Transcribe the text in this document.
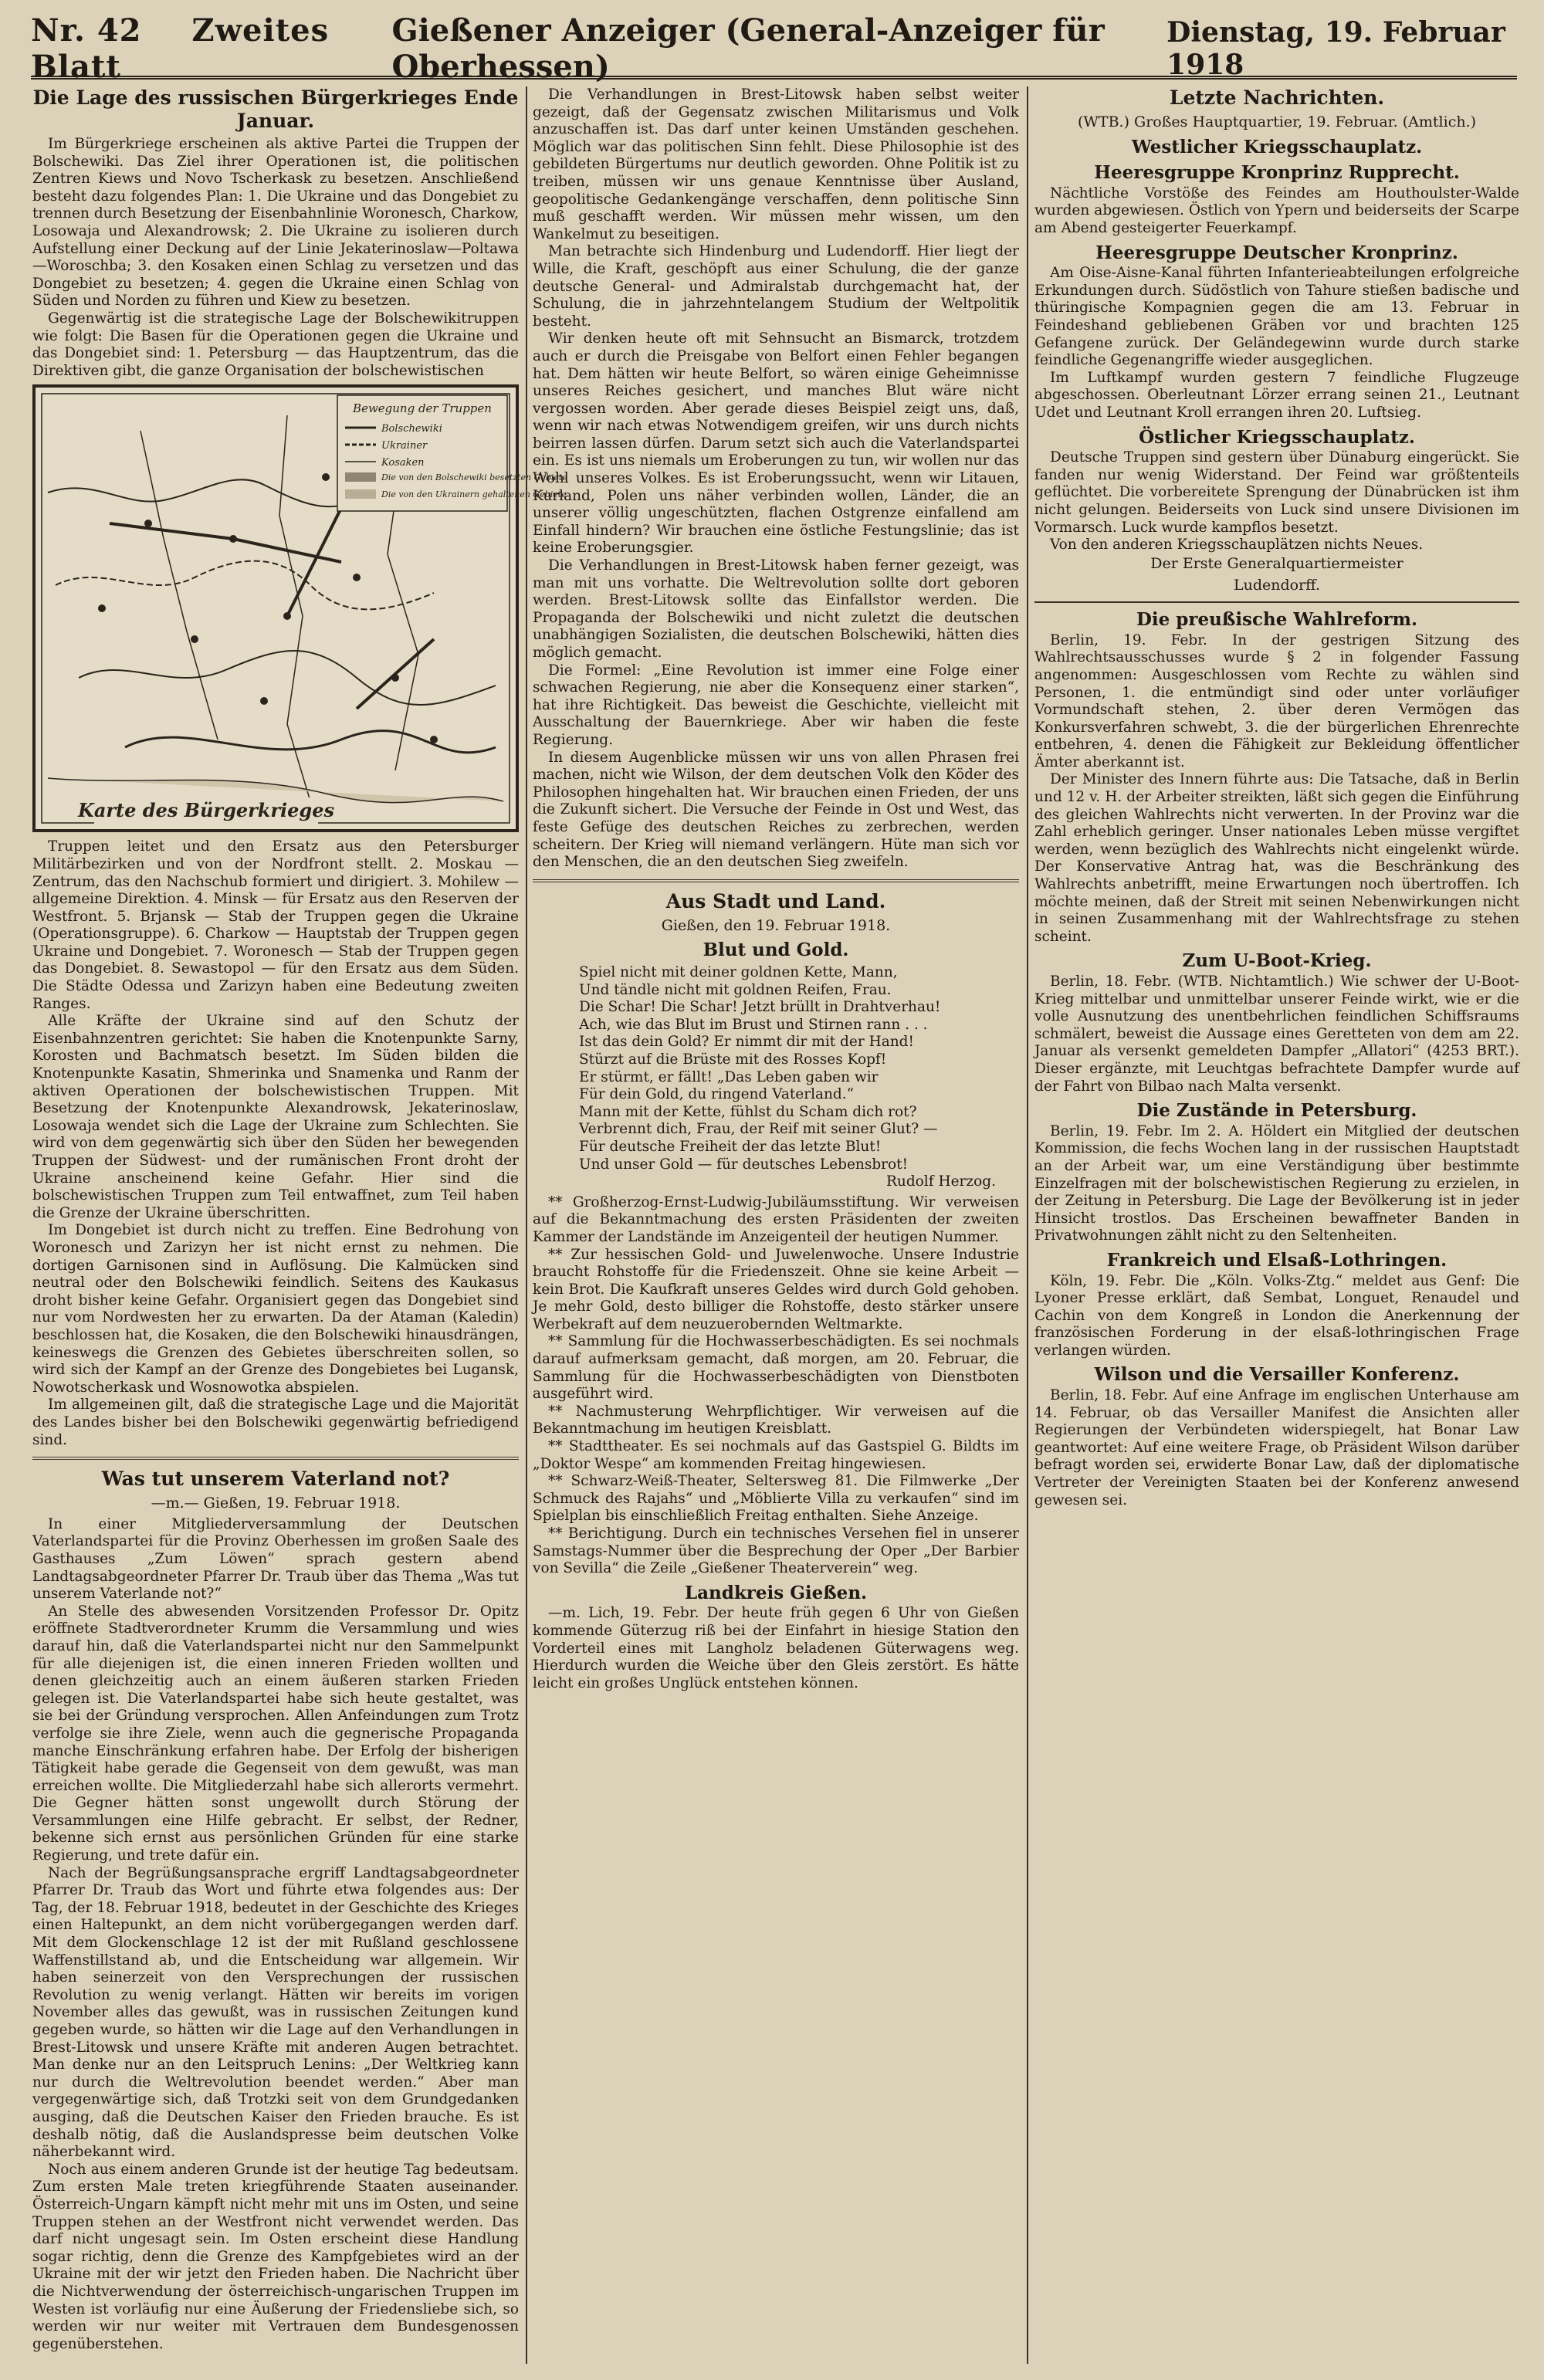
Nr. 42 Zweites Blatt
Gießener Anzeiger (General-Anzeiger für Oberhessen)
Dienstag, 19. Februar 1918
Die Lage des russischen Bürgerkrieges Ende Januar.

Im Bürgerkriege erscheinen als aktive Partei die Truppen der Bolschewiki. Das Ziel ihrer Operationen ist, die politischen Zentren Kiews und Novo Tscherkask zu besetzen. Anschließend besteht dazu folgendes Plan: 1. Die Ukraine und das Dongebiet zu trennen durch Besetzung der Eisenbahnlinie Woronesch, Charkow, Losowaja und Alexandrowsk; 2. Die Ukraine zu isolieren durch Aufstellung einer Deckung auf der Linie Jekaterinoslaw—Poltawa—Woroschba; 3. den Kosaken einen Schlag zu versetzen und das Dongebiet zu besetzen; 4. gegen die Ukraine einen Schlag von Süden und Norden zu führen und Kiew zu besetzen.

Gegenwärtig ist die strategische Lage der Bolschewikitruppen wie folgt: Die Basen für die Operationen gegen die Ukraine und das Dongebiet sind: 1. Petersburg — das Hauptzentrum, das die Direktiven gibt, die ganze Organisation der bolschewistischen

Bewegung der Truppen
Bolschewiki
Ukrainer
Kosaken
Die von den Bolschewiki besetzten Gebiete
Die von den Ukrainern gehaltenen Gebiete
Karte des Bürgerkrieges

Truppen leitet und den Ersatz aus den Petersburger Militärbezirken und von der Nordfront stellt. 2. Moskau — Zentrum, das den Nachschub formiert und dirigiert. 3. Mohilew — allgemeine Direktion. 4. Minsk — für Ersatz aus den Reserven der Westfront. 5. Brjansk — Stab der Truppen gegen die Ukraine (Operationsgruppe). 6. Charkow — Hauptstab der Truppen gegen Ukraine und Dongebiet. 7. Woronesch — Stab der Truppen gegen das Dongebiet. 8. Sewastopol — für den Ersatz aus dem Süden. Die Städte Odessa und Zarizyn haben eine Bedeutung zweiten Ranges.

Alle Kräfte der Ukraine sind auf den Schutz der Eisenbahnzentren gerichtet: Sie haben die Knotenpunkte Sarny, Korosten und Bachmatsch besetzt. Im Süden bilden die Knotenpunkte Kasatin, Shmerinka und Snamenka und Ranm der aktiven Operationen der bolschewistischen Truppen. Mit Besetzung der Knotenpunkte Alexandrowsk, Jekaterinoslaw, Losowaja wendet sich die Lage der Ukraine zum Schlechten. Sie wird von dem gegenwärtig sich über den Süden her bewegenden Truppen der Südwest- und der rumänischen Front droht der Ukraine anscheinend keine Gefahr. Hier sind die bolschewistischen Truppen zum Teil entwaffnet, zum Teil haben die Grenze der Ukraine überschritten.

Im Dongebiet ist durch nicht zu treffen. Eine Bedrohung von Woronesch und Zarizyn her ist nicht ernst zu nehmen. Die dortigen Garnisonen sind in Auflösung. Die Kalmücken sind neutral oder den Bolschewiki feindlich. Seitens des Kaukasus droht bisher keine Gefahr. Organisiert gegen das Dongebiet sind nur vom Nordwesten her zu erwarten. Da der Ataman (Kaledin) beschlossen hat, die Kosaken, die den Bolschewiki hinausdrängen, keineswegs die Grenzen des Gebietes überschreiten sollen, so wird sich der Kampf an der Grenze des Dongebietes bei Lugansk, Nowotscherkask und Wosnowotka abspielen.

Im allgemeinen gilt, daß die strategische Lage und die Majorität des Landes bisher bei den Bolschewiki gegenwärtig befriedigend sind.

Was tut unserem Vaterland not?
—m.— Gießen, 19. Februar 1918.

In einer Mitgliederversammlung der Deutschen Vaterlandspartei für die Provinz Oberhessen im großen Saale des Gasthauses „Zum Löwen“ sprach gestern abend Landtagsabgeordneter Pfarrer Dr. Traub über das Thema „Was tut unserem Vaterlande not?“

An Stelle des abwesenden Vorsitzenden Professor Dr. Opitz eröffnete Stadtverordneter Krumm die Versammlung und wies darauf hin, daß die Vaterlandspartei nicht nur den Sammelpunkt für alle diejenigen ist, die einen inneren Frieden wollten und denen gleichzeitig auch an einem äußeren starken Frieden gelegen ist. Die Vaterlandspartei habe sich heute gestaltet, was sie bei der Gründung versprochen. Allen Anfeindungen zum Trotz verfolge sie ihre Ziele, wenn auch die gegnerische Propaganda manche Einschränkung erfahren habe. Der Erfolg der bisherigen Tätigkeit habe gerade die Gegenseit von dem gewußt, was man erreichen wollte. Die Mitgliederzahl habe sich allerorts vermehrt. Die Gegner hätten sonst ungewollt durch Störung der Versammlungen eine Hilfe gebracht. Er selbst, der Redner, bekenne sich ernst aus persönlichen Gründen für eine starke Regierung, und trete dafür ein.

Nach der Begrüßungsansprache ergriff Landtagsabgeordneter Pfarrer Dr. Traub das Wort und führte etwa folgendes aus: Der Tag, der 18. Februar 1918, bedeutet in der Geschichte des Krieges einen Haltepunkt, an dem nicht vorübergegangen werden darf. Mit dem Glockenschlage 12 ist der mit Rußland geschlossene Waffenstillstand ab, und die Entscheidung war allgemein. Wir haben seinerzeit von den Versprechungen der russischen Revolution zu wenig verlangt. Hätten wir bereits im vorigen November alles das gewußt, was in russischen Zeitungen kund gegeben wurde, so hätten wir die Lage auf den Verhandlungen in Brest-Litowsk und unsere Kräfte mit anderen Augen betrachtet. Man denke nur an den Leitspruch Lenins: „Der Weltkrieg kann nur durch die Weltrevolution beendet werden.“ Aber man vergegenwärtige sich, daß Trotzki seit von dem Grundgedanken ausging, daß die Deutschen Kaiser den Frieden brauche. Es ist deshalb nötig, daß die Auslandspresse beim deutschen Volke näherbekannt wird.

Noch aus einem anderen Grunde ist der heutige Tag bedeutsam. Zum ersten Male treten kriegführende Staaten auseinander. Österreich-Ungarn kämpft nicht mehr mit uns im Osten, und seine Truppen stehen an der Westfront nicht verwendet werden. Das darf nicht ungesagt sein. Im Osten erscheint diese Handlung sogar richtig, denn die Grenze des Kampfgebietes wird an der Ukraine mit der wir jetzt den Frieden haben. Die Nachricht über die Nichtverwendung der österreichisch-ungarischen Truppen im Westen ist vorläufig nur eine Äußerung der Friedensliebe sich, so werden wir nur weiter mit Vertrauen dem Bundesgenossen gegenüberstehen.

Die Verhandlungen in Brest-Litowsk haben selbst weiter gezeigt, daß der Gegensatz zwischen Militarismus und Volk anzuschaffen ist. Das darf unter keinen Umständen geschehen. Möglich war das politischen Sinn fehlt. Diese Philosophie ist des gebildeten Bürgertums nur deutlich geworden. Ohne Politik ist zu treiben, müssen wir uns genaue Kenntnisse über Ausland, geopolitische Gedankengänge verschaffen, denn politische Sinn muß geschafft werden. Wir müssen mehr wissen, um den Wankelmut zu beseitigen.

Man betrachte sich Hindenburg und Ludendorff. Hier liegt der Wille, die Kraft, geschöpft aus einer Schulung, die der ganze deutsche General- und Admiralstab durchgemacht hat, der Schulung, die in jahrzehntelangem Studium der Weltpolitik besteht.

Wir denken heute oft mit Sehnsucht an Bismarck, trotzdem auch er durch die Preisgabe von Belfort einen Fehler begangen hat. Dem hätten wir heute Belfort, so wären einige Geheimnisse unseres Reiches gesichert, und manches Blut wäre nicht vergossen worden. Aber gerade dieses Beispiel zeigt uns, daß, wenn wir nach etwas Notwendigem greifen, wir uns durch nichts beirren lassen dürfen. Darum setzt sich auch die Vaterlandspartei ein. Es ist uns niemals um Eroberungen zu tun, wir wollen nur das Wohl unseres Volkes. Es ist Eroberungssucht, wenn wir Litauen, Kurland, Polen uns näher verbinden wollen, Länder, die an unserer völlig ungeschützten, flachen Ostgrenze einfallend am Einfall hindern? Wir brauchen eine östliche Festungslinie; das ist keine Eroberungsgier.

Die Verhandlungen in Brest-Litowsk haben ferner gezeigt, was man mit uns vorhatte. Die Weltrevolution sollte dort geboren werden. Brest-Litowsk sollte das Einfallstor werden. Die Propaganda der Bolschewiki und nicht zuletzt die deutschen unabhängigen Sozialisten, die deutschen Bolschewiki, hätten dies möglich gemacht.

Die Formel: „Eine Revolution ist immer eine Folge einer schwachen Regierung, nie aber die Konsequenz einer starken“, hat ihre Richtigkeit. Das beweist die Geschichte, vielleicht mit Ausschaltung der Bauernkriege. Aber wir haben die feste Regierung.

In diesem Augenblicke müssen wir uns von allen Phrasen frei machen, nicht wie Wilson, der dem deutschen Volk den Köder des Philosophen hingehalten hat. Wir brauchen einen Frieden, der uns die Zukunft sichert. Die Versuche der Feinde in Ost und West, das feste Gefüge des deutschen Reiches zu zerbrechen, werden scheitern. Der Krieg will niemand verlängern. Hüte man sich vor den Menschen, die an den deutschen Sieg zweifeln.

Aus Stadt und Land.
Gießen, den 19. Februar 1918.
Blut und Gold.
Spiel nicht mit deiner goldnen Kette, Mann,
Und tändle nicht mit goldnen Reifen, Frau.
Die Schar! Die Schar! Jetzt brüllt in Drahtverhau!
Ach, wie das Blut im Brust und Stirnen rann . . .
Ist das dein Gold? Er nimmt dir mit der Hand!
Stürzt auf die Brüste mit des Rosses Kopf!
Er stürmt, er fällt! „Das Leben gaben wir
Für dein Gold, du ringend Vaterland.“
Mann mit der Kette, fühlst du Scham dich rot?
Verbrennt dich, Frau, der Reif mit seiner Glut? —
Für deutsche Freiheit der das letzte Blut!
Und unser Gold — für deutsches Lebensbrot!
Rudolf Herzog.

** Großherzog-Ernst-Ludwig-Jubiläumsstiftung. Wir verweisen auf die Bekanntmachung des ersten Präsidenten der zweiten Kammer der Landstände im Anzeigenteil der heutigen Nummer.

** Zur hessischen Gold- und Juwelenwoche. Unsere Industrie braucht Rohstoffe für die Friedenszeit. Ohne sie keine Arbeit — kein Brot. Die Kaufkraft unseres Geldes wird durch Gold gehoben. Je mehr Gold, desto billiger die Rohstoffe, desto stärker unsere Werbekraft auf dem neuzuerobernden Weltmarkte.

** Sammlung für die Hochwasserbeschädigten. Es sei nochmals darauf aufmerksam gemacht, daß morgen, am 20. Februar, die Sammlung für die Hochwasserbeschädigten von Dienstboten ausgeführt wird.

** Nachmusterung Wehrpflichtiger. Wir verweisen auf die Bekanntmachung im heutigen Kreisblatt.

** Stadttheater. Es sei nochmals auf das Gastspiel G. Bildts im „Doktor Wespe“ am kommenden Freitag hingewiesen.

** Schwarz-Weiß-Theater, Seltersweg 81. Die Filmwerke „Der Schmuck des Rajahs“ und „Möblierte Villa zu verkaufen“ sind im Spielplan bis einschließlich Freitag enthalten. Siehe Anzeige.

** Berichtigung. Durch ein technisches Versehen fiel in unserer Samstags-Nummer über die Besprechung der Oper „Der Barbier von Sevilla“ die Zeile „Gießener Theaterverein“ weg.

Landkreis Gießen.

—m. Lich, 19. Febr. Der heute früh gegen 6 Uhr von Gießen kommende Güterzug riß bei der Einfahrt in hiesige Station den Vorderteil eines mit Langholz beladenen Güterwagens weg. Hierdurch wurden die Weiche über den Gleis zerstört. Es hätte leicht ein großes Unglück entstehen können.

Letzte Nachrichten.
(WTB.) Großes Hauptquartier, 19. Februar. (Amtlich.)
Westlicher Kriegsschauplatz.
Heeresgruppe Kronprinz Rupprecht.

Nächtliche Vorstöße des Feindes am Houthoulster-Walde wurden abgewiesen. Östlich von Ypern und beiderseits der Scarpe am Abend gesteigerter Feuerkampf.

Heeresgruppe Deutscher Kronprinz.

Am Oise-Aisne-Kanal führten Infanterieabteilungen erfolgreiche Erkundungen durch. Südöstlich von Tahure stießen badische und thüringische Kompagnien gegen die am 13. Februar in Feindeshand gebliebenen Gräben vor und brachten 125 Gefangene zurück. Der Geländegewinn wurde durch starke feindliche Gegenangriffe wieder ausgeglichen.

Im Luftkampf wurden gestern 7 feindliche Flugzeuge abgeschossen. Oberleutnant Lörzer errang seinen 21., Leutnant Udet und Leutnant Kroll errangen ihren 20. Luftsieg.

Östlicher Kriegsschauplatz.

Deutsche Truppen sind gestern über Dünaburg eingerückt. Sie fanden nur wenig Widerstand. Der Feind war größtenteils geflüchtet. Die vorbereitete Sprengung der Dünabrücken ist ihm nicht gelungen. Beiderseits von Luck sind unsere Divisionen im Vormarsch. Luck wurde kampflos besetzt.

Von den anderen Kriegsschauplätzen nichts Neues.

Der Erste Generalquartiermeister
Ludendorff.
Die preußische Wahlreform.

Berlin, 19. Febr. In der gestrigen Sitzung des Wahlrechtsausschusses wurde § 2 in folgender Fassung angenommen: Ausgeschlossen vom Rechte zu wählen sind Personen, 1. die entmündigt sind oder unter vorläufiger Vormundschaft stehen, 2. über deren Vermögen das Konkursverfahren schwebt, 3. die der bürgerlichen Ehrenrechte entbehren, 4. denen die Fähigkeit zur Bekleidung öffentlicher Ämter aberkannt ist.

Der Minister des Innern führte aus: Die Tatsache, daß in Berlin und 12 v. H. der Arbeiter streikten, läßt sich gegen die Einführung des gleichen Wahlrechts nicht verwerten. In der Provinz war die Zahl erheblich geringer. Unser nationales Leben müsse vergiftet werden, wenn bezüglich des Wahlrechts nicht eingelenkt würde. Der Konservative Antrag hat, was die Beschränkung des Wahlrechts anbetrifft, meine Erwartungen noch übertroffen. Ich möchte meinen, daß der Streit mit seinen Nebenwirkungen nicht in seinen Zusammenhang mit der Wahlrechtsfrage zu stehen scheint.

Zum U-Boot-Krieg.

Berlin, 18. Febr. (WTB. Nichtamtlich.) Wie schwer der U-Boot-Krieg mittelbar und unmittelbar unserer Feinde wirkt, wie er die volle Ausnutzung des unentbehrlichen feindlichen Schiffsraums schmälert, beweist die Aussage eines Geretteten von dem am 22. Januar als versenkt gemeldeten Dampfer „Allatori“ (4253 BRT.). Dieser ergänzte, mit Leuchtgas befrachtete Dampfer wurde auf der Fahrt von Bilbao nach Malta versenkt.

Die Zustände in Petersburg.

Berlin, 19. Febr. Im 2. A. Höldert ein Mitglied der deutschen Kommission, die fechs Wochen lang in der russischen Hauptstadt an der Arbeit war, um eine Verständigung über bestimmte Einzelfragen mit der bolschewistischen Regierung zu erzielen, in der Zeitung in Petersburg. Die Lage der Bevölkerung ist in jeder Hinsicht trostlos. Das Erscheinen bewaffneter Banden in Privatwohnungen zählt nicht zu den Seltenheiten.

Frankreich und Elsaß-Lothringen.

Köln, 19. Febr. Die „Köln. Volks-Ztg.“ meldet aus Genf: Die Lyoner Presse erklärt, daß Sembat, Longuet, Renaudel und Cachin von dem Kongreß in London die Anerkennung der französischen Forderung in der elsaß-lothringischen Frage verlangen würden.

Wilson und die Versailler Konferenz.

Berlin, 18. Febr. Auf eine Anfrage im englischen Unterhause am 14. Februar, ob das Versailler Manifest die Ansichten aller Regierungen der Verbündeten widerspiegelt, hat Bonar Law geantwortet: Auf eine weitere Frage, ob Präsident Wilson darüber befragt worden sei, erwiderte Bonar Law, daß der diplomatische Vertreter der Vereinigten Staaten bei der Konferenz anwesend gewesen sei.
